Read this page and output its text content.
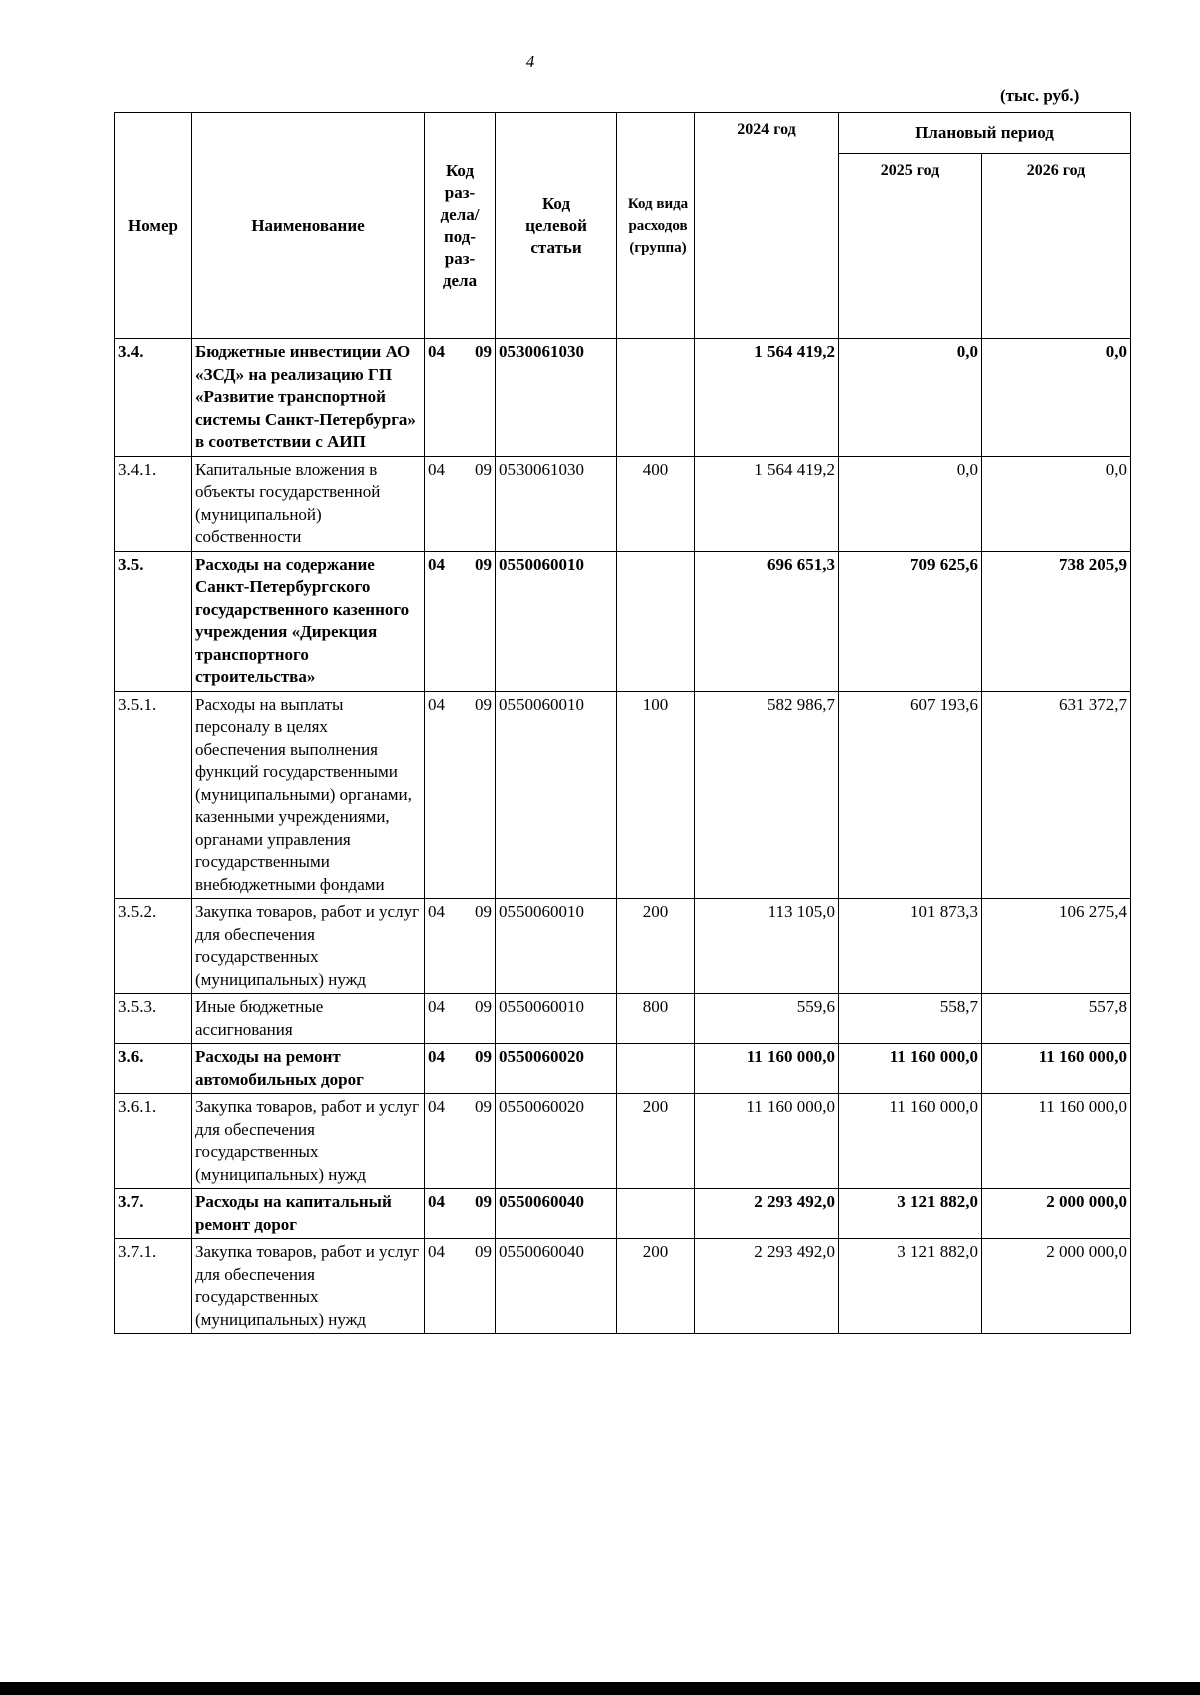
4
(тыс. руб.)
Номер	Наименование	Код раз-дела/ под-раз-дела	Код целевой статьи	Код вида расходов (группа)	2024 год	Плановый период	
						2025 год	2026 год
3.4.	Бюджетные инвестиции АО «ЗСД» на реализацию ГП «Развитие транспортной системы Санкт-Петербурга» в соответствии с АИП	04 09	0530061030		1 564 419,2	0,0	0,0
3.4.1.	Капитальные вложения в объекты государственной (муниципальной) собственности	04 09	0530061030	400	1 564 419,2	0,0	0,0
3.5.	Расходы на содержание Санкт-Петербургского государственного казенного учреждения «Дирекция транспортного строительства»	04 09	0550060010		696 651,3	709 625,6	738 205,9
3.5.1.	Расходы на выплаты персоналу в целях обеспечения выполнения функций государственными (муниципальными) органами, казенными учреждениями, органами управления государственными внебюджетными фондами	04 09	0550060010	100	582 986,7	607 193,6	631 372,7
3.5.2.	Закупка товаров, работ и услуг для обеспечения государственных (муниципальных) нужд	04 09	0550060010	200	113 105,0	101 873,3	106 275,4
3.5.3.	Иные бюджетные ассигнования	04 09	0550060010	800	559,6	558,7	557,8
3.6.	Расходы на ремонт автомобильных дорог	04 09	0550060020		11 160 000,0	11 160 000,0	11 160 000,0
3.6.1.	Закупка товаров, работ и услуг для обеспечения государственных (муниципальных) нужд	04 09	0550060020	200	11 160 000,0	11 160 000,0	11 160 000,0
3.7.	Расходы на капитальный ремонт дорог	04 09	0550060040		2 293 492,0	3 121 882,0	2 000 000,0
3.7.1.	Закупка товаров, работ и услуг для обеспечения государственных (муниципальных) нужд	04 09	0550060040	200	2 293 492,0	3 121 882,0	2 000 000,0
